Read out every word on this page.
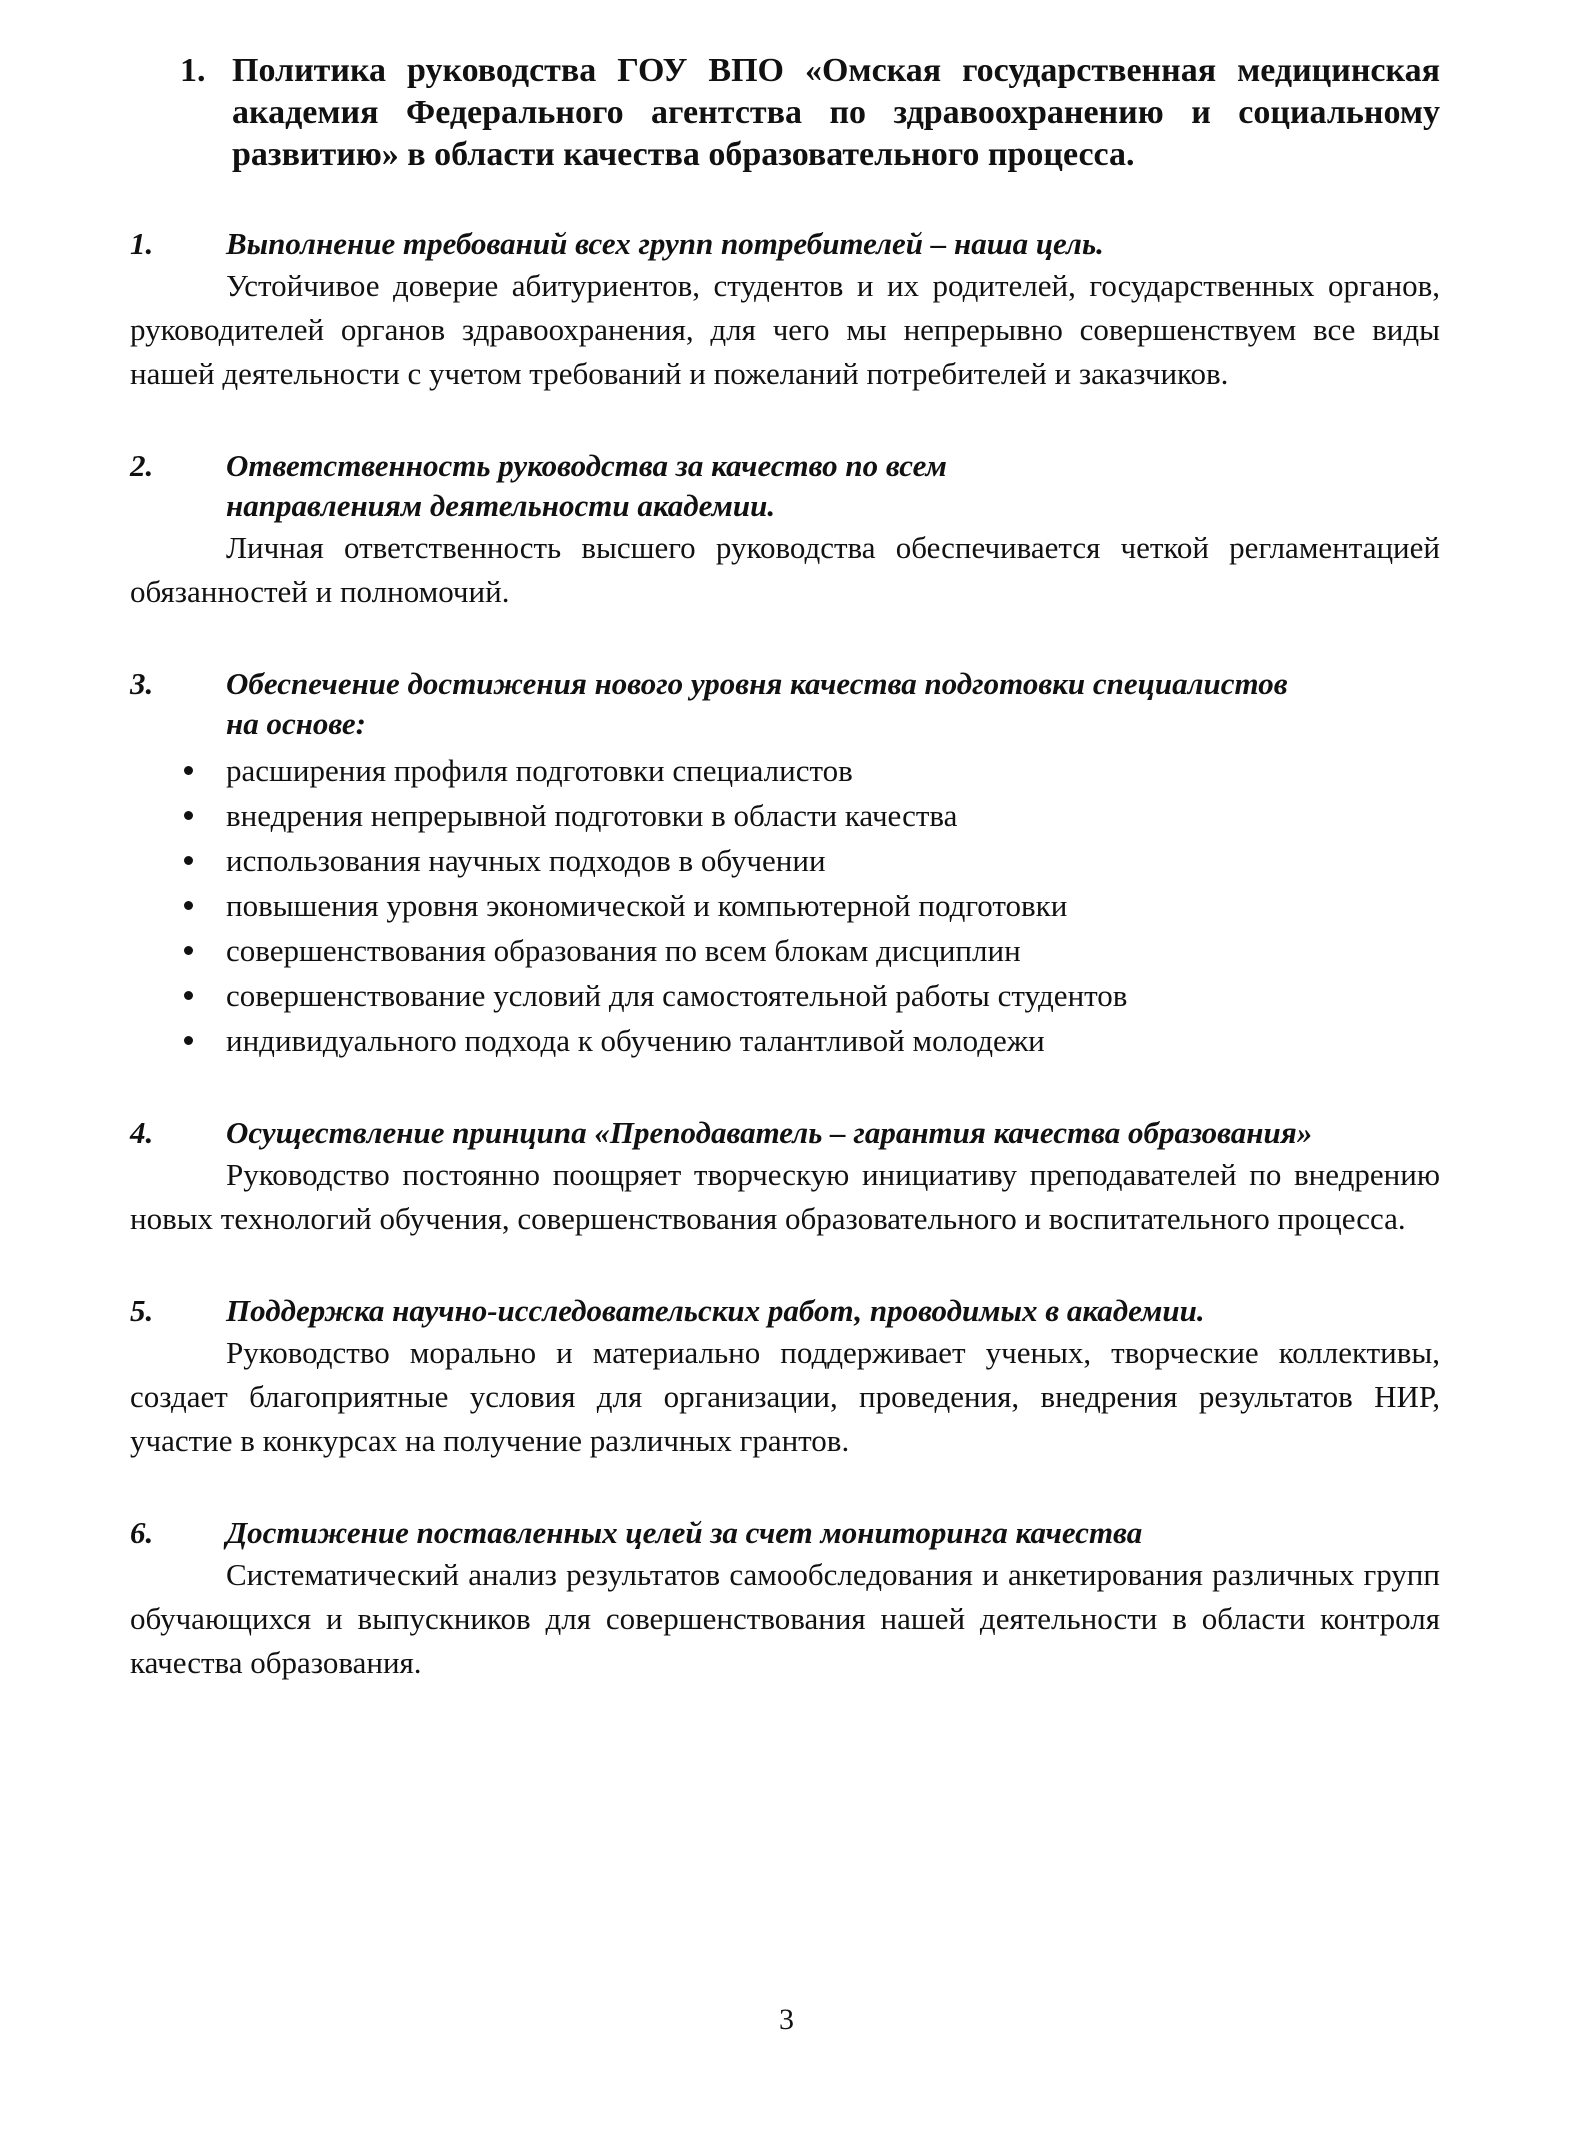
1. Политика руководства ГОУ ВПО «Омская государственная медицинская академия Федерального агентства по здравоохранению и социальному развитию» в области качества образовательного процесса.
1.	Выполнение требований всех групп потребителей – наша цель.

Устойчивое доверие абитуриентов, студентов и их родителей, государственных органов, руководителей органов здравоохранения, для чего мы непрерывно совершенствуем все виды нашей деятельности с учетом требований и пожеланий потребителей и заказчиков.

2.	Ответственность руководства за качество по всем направлениям деятельности академии.

Личная ответственность высшего руководства обеспечивается четкой регламентацией обязанностей и полномочий.

3.	Обеспечение достижения нового уровня качества подготовки специалистов на основе:
расширения профиля подготовки специалистов
внедрения непрерывной подготовки в области качества
использования научных подходов в обучении
повышения уровня экономической и компьютерной подготовки
совершенствования образования по всем блокам дисциплин
совершенствование условий для самостоятельной работы студентов
индивидуального подхода к обучению талантливой молодежи
4.	Осуществление принципа «Преподаватель – гарантия качества образования»

Руководство постоянно поощряет творческую инициативу преподавателей по внедрению новых технологий обучения, совершенствования образовательного и воспитательного процесса.

5.	Поддержка научно-исследовательских работ, проводимых в академии.

Руководство морально и материально поддерживает ученых, творческие коллективы, создает благоприятные условия для организации, проведения, внедрения результатов НИР, участие в конкурсах на получение различных грантов.

6.	Достижение поставленных целей за счет мониторинга качества

Систематический анализ результатов самообследования и анкетирования различных групп обучающихся и выпускников для совершенствования нашей деятельности в области контроля качества образования.

3
